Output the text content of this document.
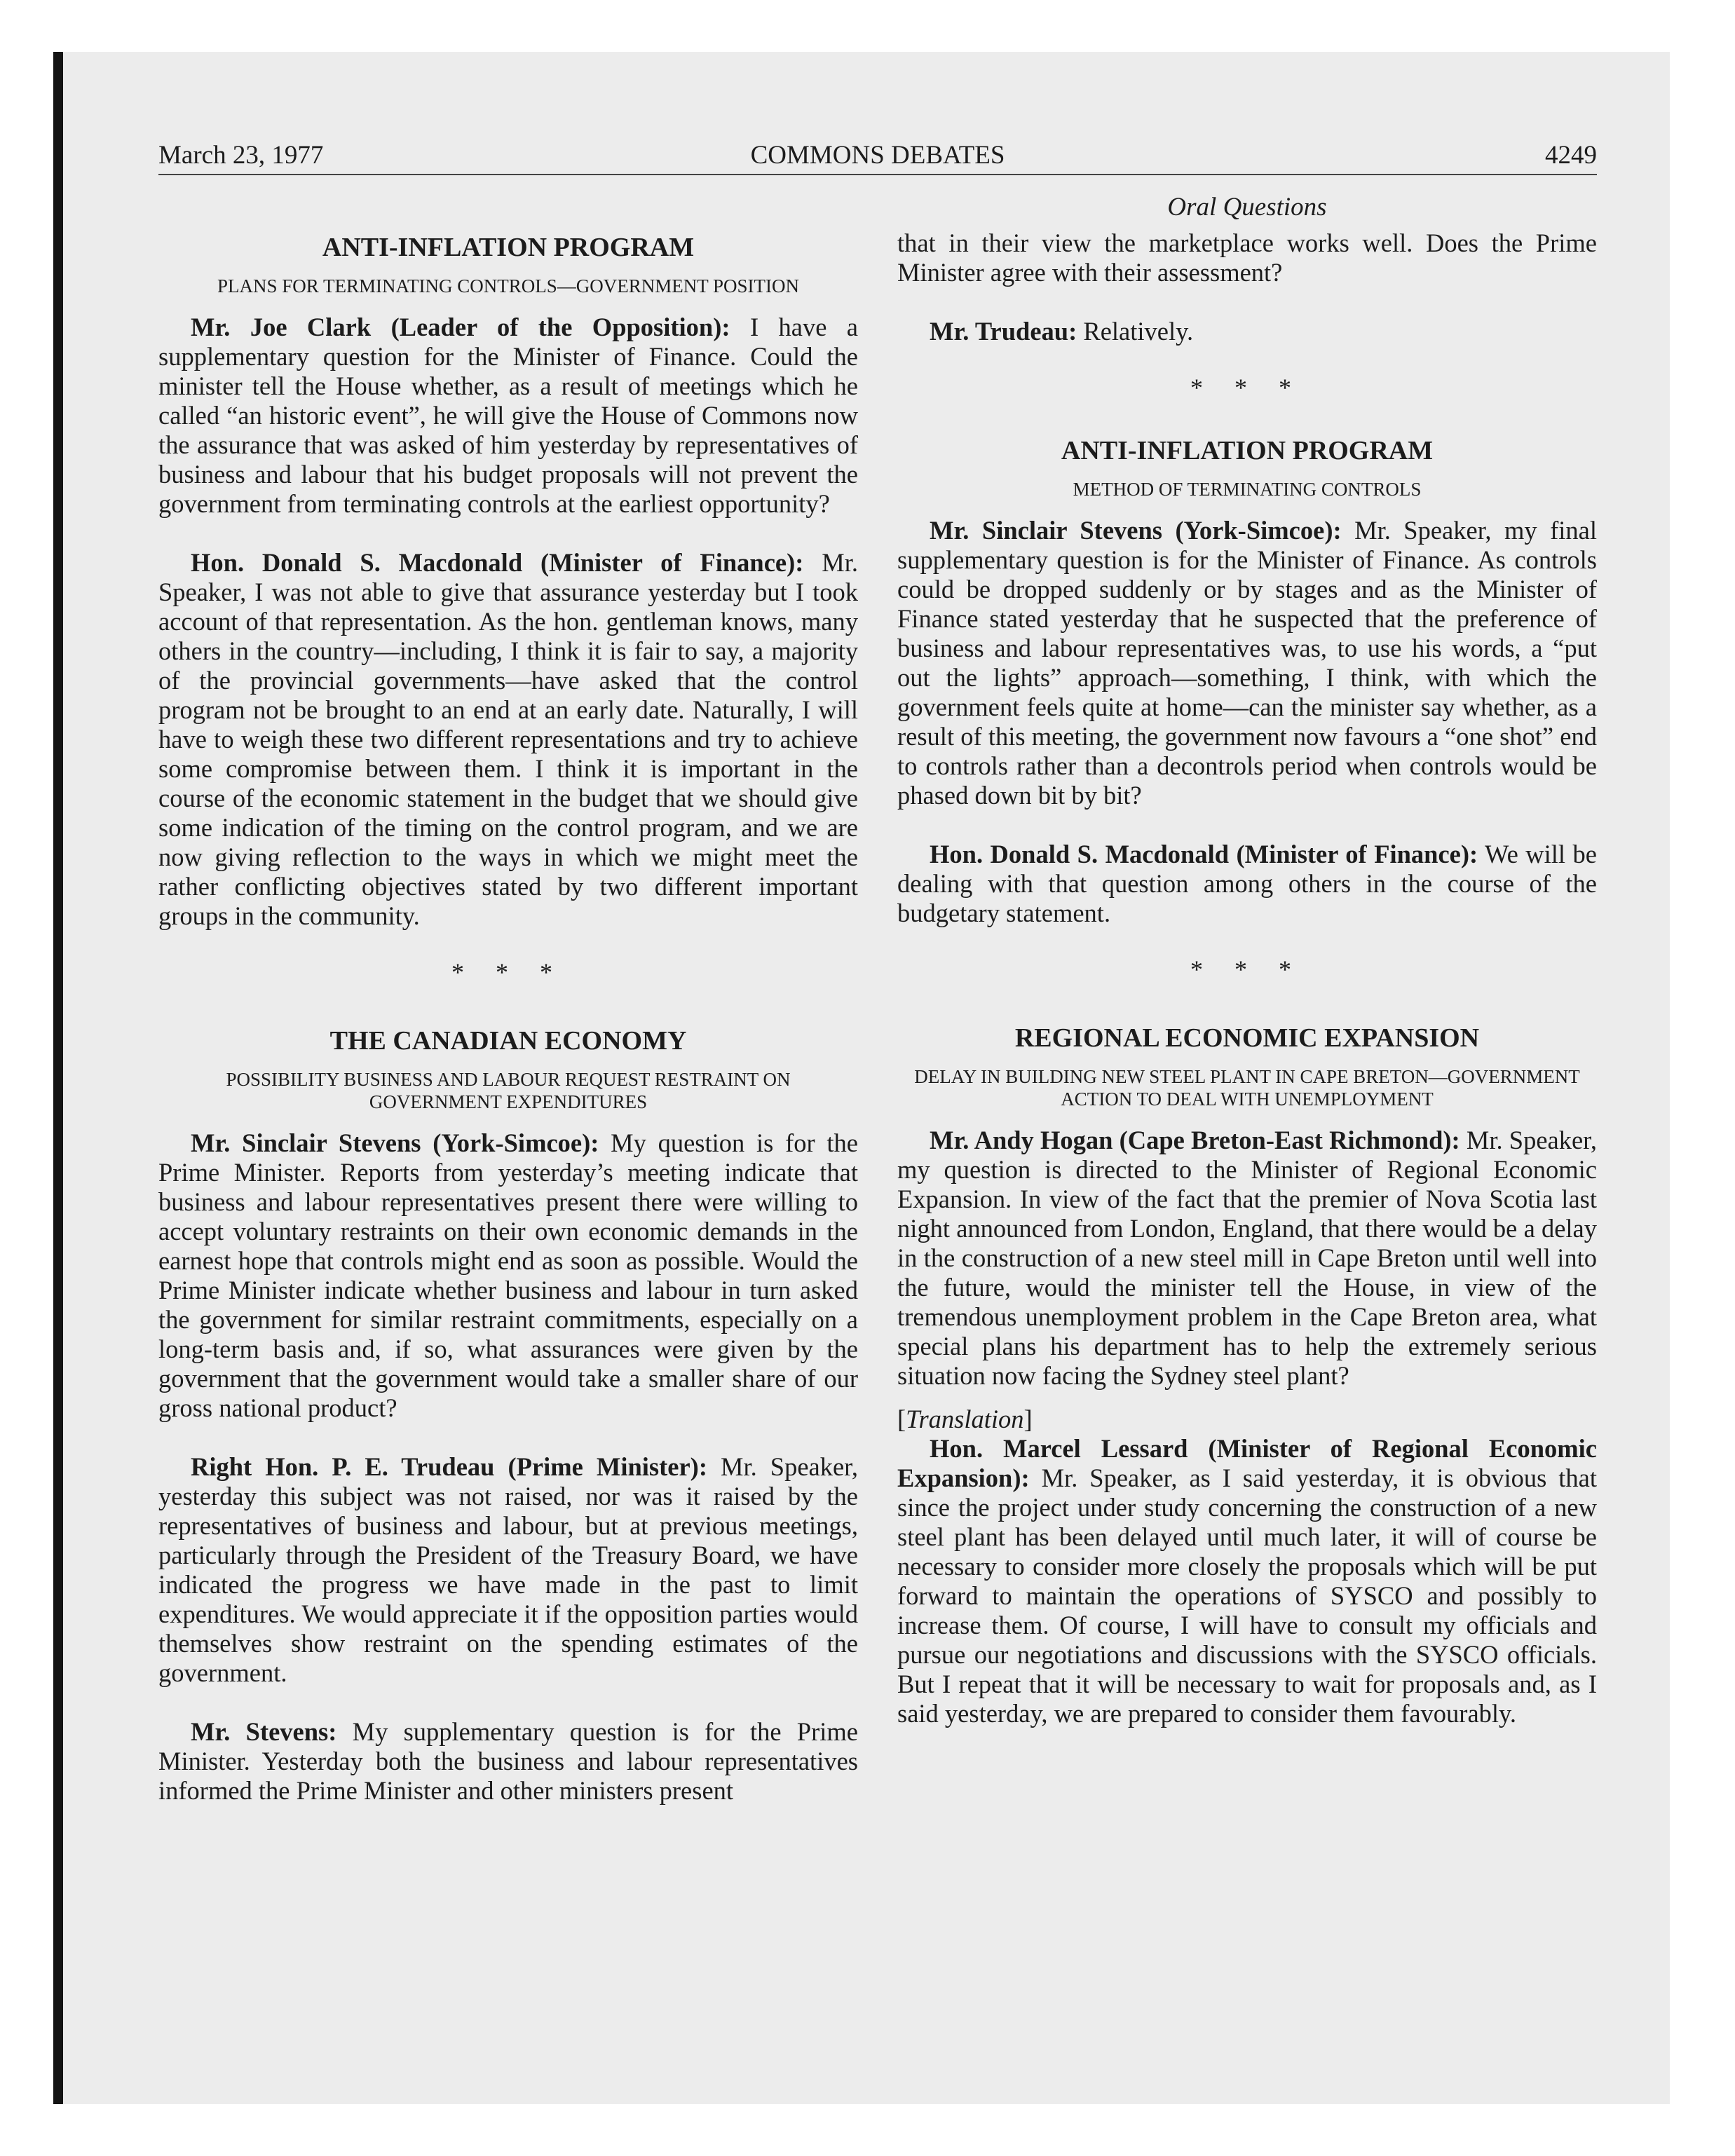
March 23, 1977	COMMONS DEBATES	4249
Oral Questions
ANTI-INFLATION PROGRAM
PLANS FOR TERMINATING CONTROLS—GOVERNMENT POSITION

Mr. Joe Clark (Leader of the Opposition): I have a supplementary question for the Minister of Finance. Could the minister tell the House whether, as a result of meetings which he called “an historic event”, he will give the House of Commons now the assurance that was asked of him yesterday by representatives of business and labour that his budget proposals will not prevent the government from terminating controls at the earliest opportunity?

Hon. Donald S. Macdonald (Minister of Finance): Mr. Speaker, I was not able to give that assurance yesterday but I took account of that representation. As the hon. gentleman knows, many others in the country—including, I think it is fair to say, a majority of the provincial governments—have asked that the control program not be brought to an end at an early date. Naturally, I will have to weigh these two different representations and try to achieve some compromise between them. I think it is important in the course of the economic statement in the budget that we should give some indication of the timing on the control program, and we are now giving reflection to the ways in which we might meet the rather conflicting objectives stated by two different important groups in the community.

* * *
THE CANADIAN ECONOMY
POSSIBILITY BUSINESS AND LABOUR REQUEST RESTRAINT ON GOVERNMENT EXPENDITURES

Mr. Sinclair Stevens (York-Simcoe): My question is for the Prime Minister. Reports from yesterday’s meeting indicate that business and labour representatives present there were willing to accept voluntary restraints on their own economic demands in the earnest hope that controls might end as soon as possible. Would the Prime Minister indicate whether business and labour in turn asked the government for similar restraint commitments, especially on a long-term basis and, if so, what assurances were given by the government that the government would take a smaller share of our gross national product?

Right Hon. P. E. Trudeau (Prime Minister): Mr. Speaker, yesterday this subject was not raised, nor was it raised by the representatives of business and labour, but at previous meetings, particularly through the President of the Treasury Board, we have indicated the progress we have made in the past to limit expenditures. We would appreciate it if the opposition parties would themselves show restraint on the spending estimates of the government.

Mr. Stevens: My supplementary question is for the Prime Minister. Yesterday both the business and labour representatives informed the Prime Minister and other ministers present

that in their view the marketplace works well. Does the Prime Minister agree with their assessment?

Mr. Trudeau: Relatively.

* * *
ANTI-INFLATION PROGRAM
METHOD OF TERMINATING CONTROLS

Mr. Sinclair Stevens (York-Simcoe): Mr. Speaker, my final supplementary question is for the Minister of Finance. As controls could be dropped suddenly or by stages and as the Minister of Finance stated yesterday that he suspected that the preference of business and labour representatives was, to use his words, a “put out the lights” approach—something, I think, with which the government feels quite at home—can the minister say whether, as a result of this meeting, the government now favours a “one shot” end to controls rather than a decontrols period when controls would be phased down bit by bit?

Hon. Donald S. Macdonald (Minister of Finance): We will be dealing with that question among others in the course of the budgetary statement.

* * *
REGIONAL ECONOMIC EXPANSION
DELAY IN BUILDING NEW STEEL PLANT IN CAPE BRETON—GOVERNMENT ACTION TO DEAL WITH UNEMPLOYMENT

Mr. Andy Hogan (Cape Breton-East Richmond): Mr. Speaker, my question is directed to the Minister of Regional Economic Expansion. In view of the fact that the premier of Nova Scotia last night announced from London, England, that there would be a delay in the construction of a new steel mill in Cape Breton until well into the future, would the minister tell the House, in view of the tremendous unemployment problem in the Cape Breton area, what special plans his department has to help the extremely serious situation now facing the Sydney steel plant?

[Translation]

Hon. Marcel Lessard (Minister of Regional Economic Expansion): Mr. Speaker, as I said yesterday, it is obvious that since the project under study concerning the construction of a new steel plant has been delayed until much later, it will of course be necessary to consider more closely the proposals which will be put forward to maintain the operations of SYSCO and possibly to increase them. Of course, I will have to consult my officials and pursue our negotiations and discussions with the SYSCO officials. But I repeat that it will be necessary to wait for proposals and, as I said yesterday, we are prepared to consider them favourably.
